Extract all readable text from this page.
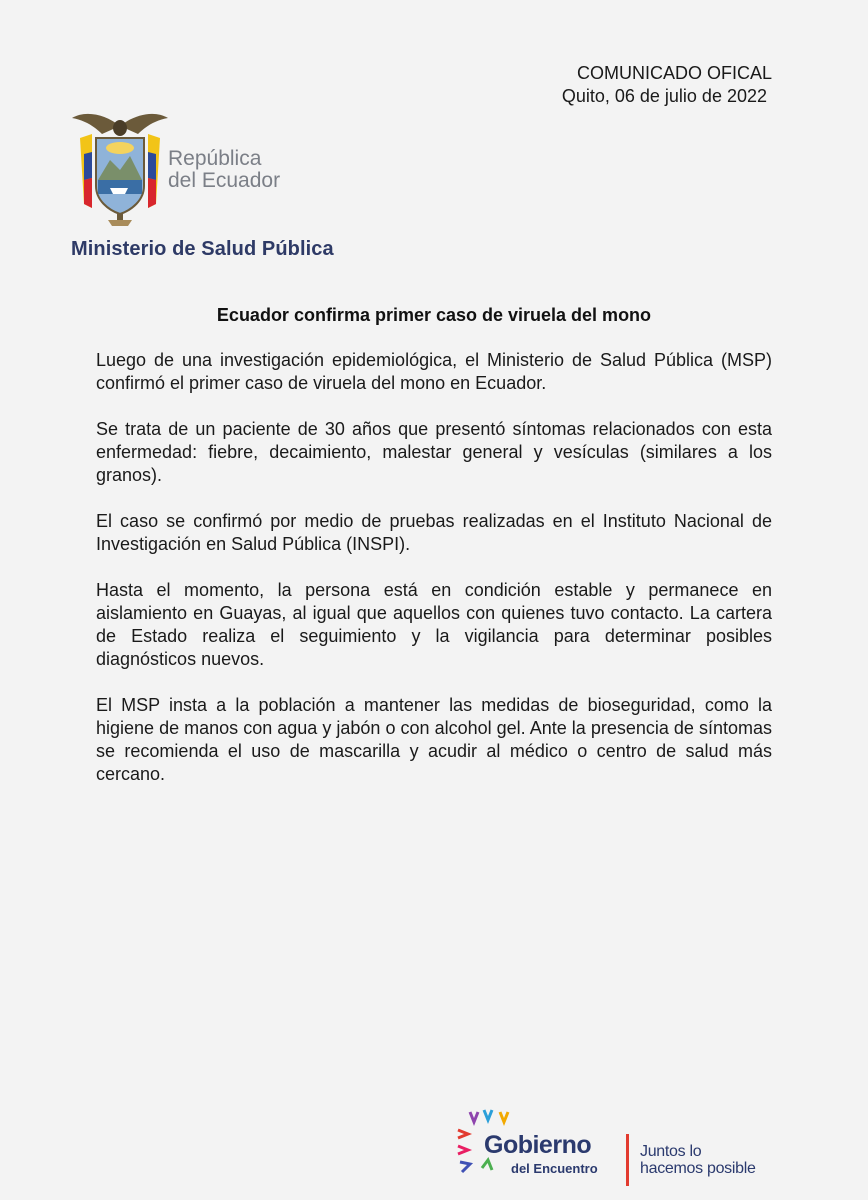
COMUNICADO OFICAL
Quito, 06 de julio de 2022
República
del Ecuador
Ministerio de Salud Pública
Ecuador confirma primer caso de viruela del mono

Luego de una investigación epidemiológica, el Ministerio de Salud Pública (MSP) confirmó el primer caso de viruela del mono en Ecuador.

Se trata de un paciente de 30 años que presentó síntomas relacionados con esta enfermedad: fiebre, decaimiento, malestar general y vesículas (similares a los granos).

El caso se confirmó por medio de pruebas realizadas en el Instituto Nacional de Investigación en Salud Pública (INSPI).

Hasta el momento, la persona está en condición estable y permanece en aislamiento en Guayas, al igual que aquellos con quienes tuvo contacto. La cartera de Estado realiza el seguimiento y la vigilancia para determinar posibles diagnósticos nuevos.

El MSP insta a la población a mantener las medidas de bioseguridad, como la higiene de manos con agua y jabón o con alcohol gel. Ante la presencia de síntomas se recomienda el uso de mascarilla y acudir al médico o centro de salud más cercano.

Gobierno
del Encuentro
Juntos lo
hacemos posible
